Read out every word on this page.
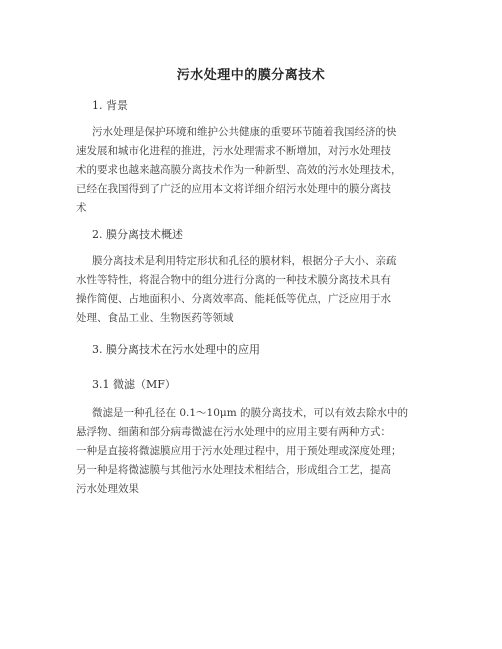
污水处理中的膜分离技术
1. 背景
污水处理是保护环境和维护公共健康的重要环节随着我国经济的快
速发展和城市化进程的推进，污水处理需求不断增加，对污水处理技
术的要求也越来越高膜分离技术作为一种新型、高效的污水处理技术，
已经在我国得到了广泛的应用本文将详细介绍污水处理中的膜分离技
术
2. 膜分离技术概述
膜分离技术是利用特定形状和孔径的膜材料，根据分子大小、亲疏
水性等特性，将混合物中的组分进行分离的一种技术膜分离技术具有
操作简便、占地面积小、分离效率高、能耗低等优点，广泛应用于水
处理、食品工业、生物医药等领域
3. 膜分离技术在污水处理中的应用
3.1 微滤（MF）
微滤是一种孔径在 0.1～10μm 的膜分离技术，可以有效去除水中的
悬浮物、细菌和部分病毒微滤在污水处理中的应用主要有两种方式：
一种是直接将微滤膜应用于污水处理过程中，用于预处理或深度处理；
另一种是将微滤膜与其他污水处理技术相结合，形成组合工艺，提高
污水处理效果
